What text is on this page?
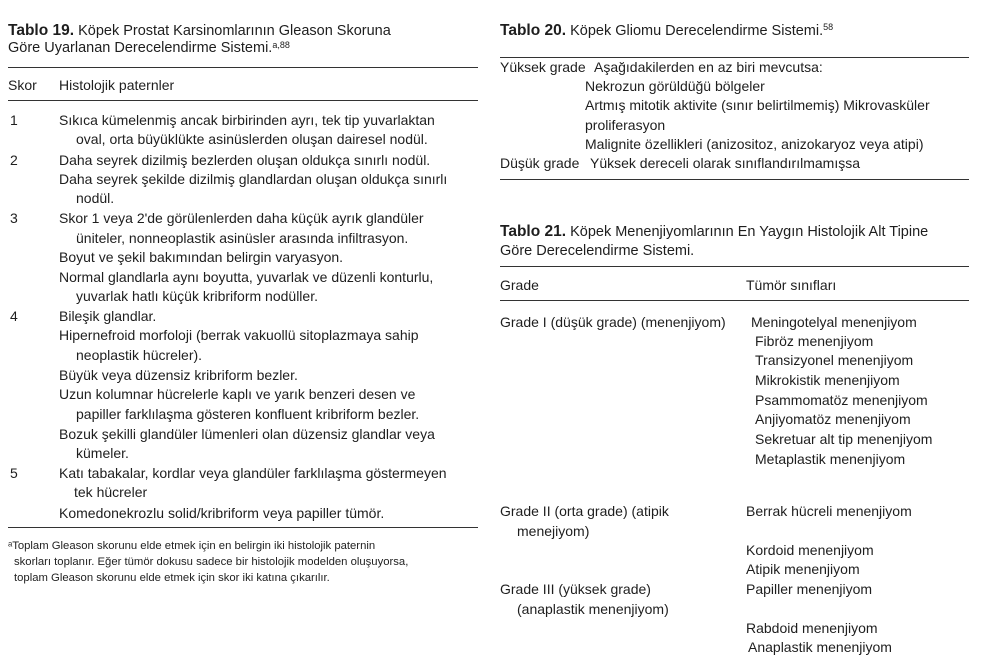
Tablo 19. Köpek Prostat Karsinomlarının Gleason Skoruna
Göre Uyarlanan Derecelendirme Sistemi.$^{a,88}$
Skor Histolojik paternler
1
2
3
4
5
Sıkıca kümelenmiş ancak birbirinden ayrı, tek tip yuvarlaktan
oval, orta büyüklükte asinüslerden oluşan dairesel nodül.
Daha seyrek dizilmiş bezlerden oluşan oldukça sınırlı nodül.
Daha seyrek şekilde dizilmiş glandlardan oluşan oldukça sınırlı
nodül.
Skor 1 veya 2'de görülenlerden daha küçük ayrık glandüler
üniteler, nonneoplastik asinüsler arasında infiltrasyon.
Boyut ve şekil bakımından belirgin varyasyon.
Normal glandlarla aynı boyutta, yuvarlak ve düzenli konturlu,
yuvarlak hatlı küçük kribriform nodüller.
Bileşik glandlar.
Hipernefroid morfoloji (berrak vakuollü sitoplazmaya sahip
neoplastik hücreler).
Büyük veya düzensiz kribriform bezler.
Uzun kolumnar hücrelerle kaplı ve yarık benzeri desen ve
papiller farklılaşma gösteren konfluent kribriform bezler.
Bozuk şekilli glandüler lümenleri olan düzensiz glandlar veya
kümeler.
Katı tabakalar, kordlar veya glandüler farklılaşma göstermeyen
tek hücreler
Komedonekrozlu solid/kribriform veya papiller tümör.
ᵃToplam Gleason skorunu elde etmek için en belirgin iki histolojik paternin
skorları toplanır. Eğer tümör dokusu sadece bir histolojik modelden oluşuyorsa,
toplam Gleason skorunu elde etmek için skor iki katına çıkarılır.
Tablo 20. Köpek Gliomu Derecelendirme Sistemi.$^{58}$
Yüksek grade Aşağıdakilerden en az biri mevcutsa:
Nekrozun görüldüğü bölgeler
Artmış mitotik aktivite (sınır belirtilmemiş) Mikrovasküler
proliferasyon
Malignite özellikleri (anizositoz, anizokaryoz veya atipi)
Düşük grade Yüksek dereceli olarak sınıflandırılmamışsa
Tablo 21. Köpek Menenjiyomlarının En Yaygın Histolojik Alt Tipine
Göre Derecelendirme Sistemi.
Grade	Tümör sınıfları
Grade I (düşük grade) (menenjiyom) Meningotelyal menenjiyom
Fibröz menenjiyom
Transizyonel menenjiyom
Mikrokistik menenjiyom
Psammomatöz menenjiyom
Anjiyomatöz menenjiyom
Sekretuar alt tip menenjiyom
Metaplastik menenjiyom
Grade II (orta grade) (atipik
menejiyom)
Berrak hücreli menenjiyom
Kordoid menenjiyom
Atipik menenjiyom
Grade III (yüksek grade)
(anaplastik menenjiyom)
Papiller menenjiyom
Rabdoid menenjiyom
Anaplastik menenjiyom
